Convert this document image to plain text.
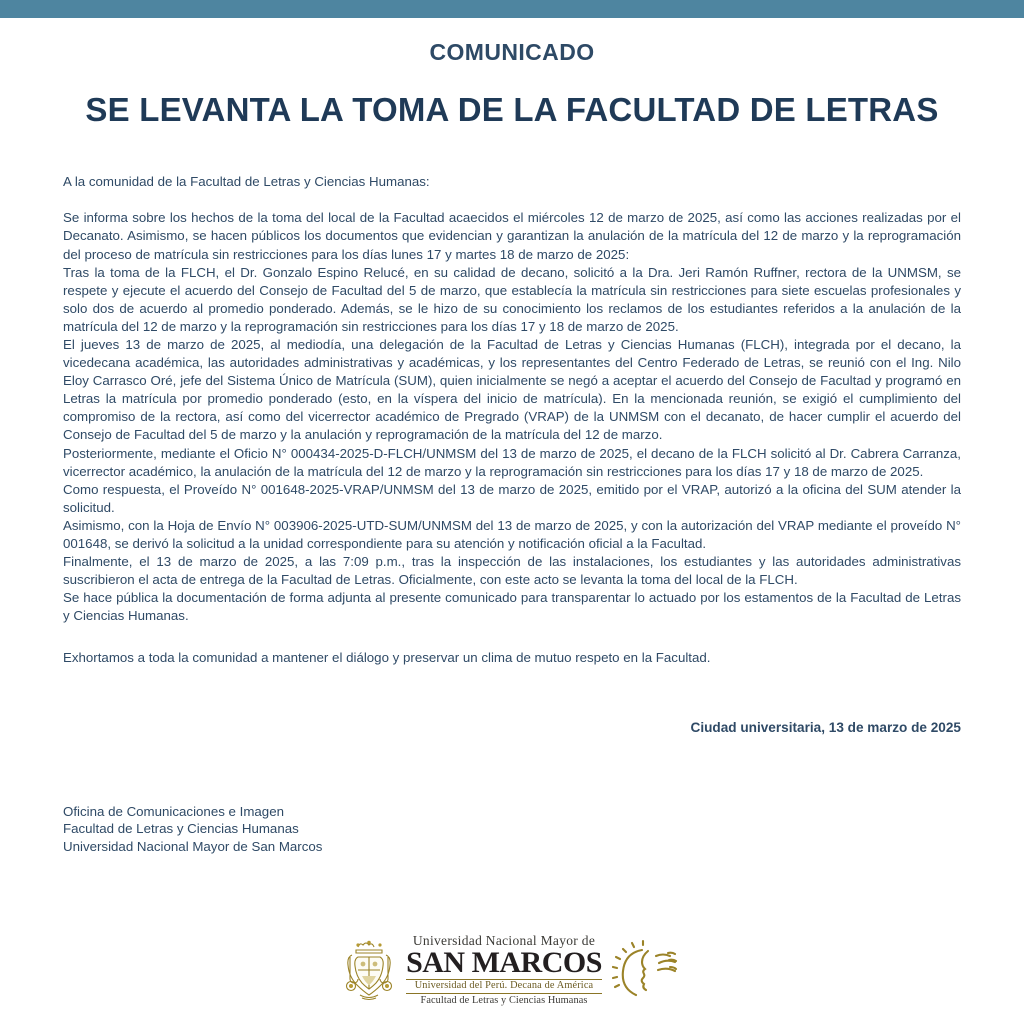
COMUNICADO
SE LEVANTA LA TOMA DE LA FACULTAD DE LETRAS

A la comunidad de la Facultad de Letras y Ciencias Humanas:

Se informa sobre los hechos de la toma del local de la Facultad acaecidos el miércoles 12 de marzo de 2025, así como las acciones realizadas por el Decanato. Asimismo, se hacen públicos los documentos que evidencian y garantizan la anulación de la matrícula del 12 de marzo y la reprogramación del proceso de matrícula sin restricciones para los días lunes 17 y martes 18 de marzo de 2025:

Tras la toma de la FLCH, el Dr. Gonzalo Espino Relucé, en su calidad de decano, solicitó a la Dra. Jeri Ramón Ruffner, rectora de la UNMSM, se respete y ejecute el acuerdo del Consejo de Facultad del 5 de marzo, que establecía la matrícula sin restricciones para siete escuelas profesionales y solo dos de acuerdo al promedio ponderado. Además, se le hizo de su conocimiento los reclamos de los estudiantes referidos a la anulación de la matrícula del 12 de marzo y la reprogramación sin restricciones para los días 17 y 18 de marzo de 2025.

El jueves 13 de marzo de 2025, al mediodía, una delegación de la Facultad de Letras y Ciencias Humanas (FLCH), integrada por el decano, la vicedecana académica, las autoridades administrativas y académicas, y los representantes del Centro Federado de Letras, se reunió con el Ing. Nilo Eloy Carrasco Oré, jefe del Sistema Único de Matrícula (SUM), quien inicialmente se negó a aceptar el acuerdo del Consejo de Facultad y programó en Letras la matrícula por promedio ponderado (esto, en la víspera del inicio de matrícula). En la mencionada reunión, se exigió el cumplimiento del compromiso de la rectora, así como del vicerrector académico de Pregrado (VRAP) de la UNMSM con el decanato, de hacer cumplir el acuerdo del Consejo de Facultad del 5 de marzo y la anulación y reprogramación de la matrícula del 12 de marzo.

Posteriormente, mediante el Oficio N° 000434-2025-D-FLCH/UNMSM del 13 de marzo de 2025, el decano de la FLCH solicitó al Dr. Cabrera Carranza, vicerrector académico, la anulación de la matrícula del 12 de marzo y la reprogramación sin restricciones para los días 17 y 18 de marzo de 2025.

Como respuesta, el Proveído N° 001648-2025-VRAP/UNMSM del 13 de marzo de 2025, emitido por el VRAP, autorizó a la oficina del SUM atender la solicitud.

Asimismo, con la Hoja de Envío N° 003906-2025-UTD-SUM/UNMSM del 13 de marzo de 2025, y con la autorización del VRAP mediante el proveído N° 001648, se derivó la solicitud a la unidad correspondiente para su atención y notificación oficial a la Facultad.

Finalmente, el 13 de marzo de 2025, a las 7:09 p.m., tras la inspección de las instalaciones, los estudiantes y las autoridades administrativas suscribieron el acta de entrega de la Facultad de Letras. Oficialmente, con este acto se levanta la toma del local de la FLCH.

Se hace pública la documentación de forma adjunta al presente comunicado para transparentar lo actuado por los estamentos de la Facultad de Letras y Ciencias Humanas.

Exhortamos a toda la comunidad a mantener el diálogo y preservar un clima de mutuo respeto en la Facultad.

Ciudad universitaria, 13 de marzo de 2025
Oficina de Comunicaciones e Imagen
Facultad de Letras y Ciencias Humanas
Universidad Nacional Mayor de San Marcos
Universidad Nacional Mayor de
SAN MARCOS
Universidad del Perú. Decana de América
Facultad de Letras y Ciencias Humanas
